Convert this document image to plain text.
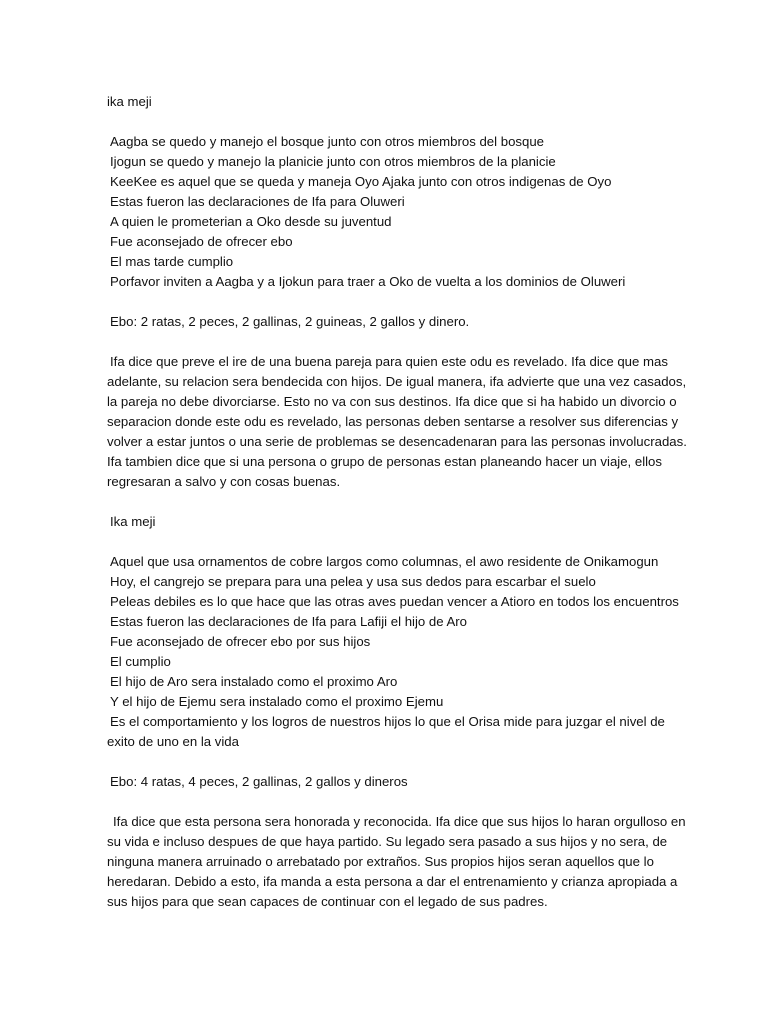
ika meji
Aagba se quedo y manejo el bosque junto con otros miembros del bosque
Ijogun se quedo y manejo la planicie junto con otros miembros de la planicie
KeeKee es aquel que se queda y maneja Oyo Ajaka junto con otros indigenas de Oyo
Estas fueron las declaraciones de Ifa para Oluweri
A quien le prometerian a Oko desde su juventud
Fue aconsejado de ofrecer ebo
El mas tarde cumplio
Porfavor inviten a Aagba y a Ijokun para traer a Oko de vuelta a los dominios de Oluweri
Ebo: 2 ratas, 2 peces, 2 gallinas, 2 guineas, 2 gallos y dinero.
Ifa dice que preve el ire de una buena pareja para quien este odu es revelado. Ifa dice que mas
adelante, su relacion sera bendecida con hijos. De igual manera, ifa advierte que una vez casados,
la pareja no debe divorciarse. Esto no va con sus destinos. Ifa dice que si ha habido un divorcio o
separacion donde este odu es revelado, las personas deben sentarse a resolver sus diferencias y
volver a estar juntos o una serie de problemas se desencadenaran para las personas involucradas.
Ifa tambien dice que si una persona o grupo de personas estan planeando hacer un viaje, ellos
regresaran a salvo y con cosas buenas.
Ika meji
Aquel que usa ornamentos de cobre largos como columnas, el awo residente de Onikamogun
Hoy, el cangrejo se prepara para una pelea y usa sus dedos para escarbar el suelo
Peleas debiles es lo que hace que las otras aves puedan vencer a Atioro en todos los encuentros
Estas fueron las declaraciones de Ifa para Lafiji el hijo de Aro
Fue aconsejado de ofrecer ebo por sus hijos
El cumplio
El hijo de Aro sera instalado como el proximo Aro
Y el hijo de Ejemu sera instalado como el proximo Ejemu
Es el comportamiento y los logros de nuestros hijos lo que el Orisa mide para juzgar el nivel de
exito de uno en la vida
Ebo: 4 ratas, 4 peces, 2 gallinas, 2 gallos y dineros
Ifa dice que esta persona sera honorada y reconocida. Ifa dice que sus hijos lo haran orgulloso en
su vida e incluso despues de que haya partido. Su legado sera pasado a sus hijos y no sera, de
ninguna manera arruinado o arrebatado por extraños. Sus propios hijos seran aquellos que lo
heredaran. Debido a esto, ifa manda a esta persona a dar el entrenamiento y crianza apropiada a
sus hijos para que sean capaces de continuar con el legado de sus padres.
